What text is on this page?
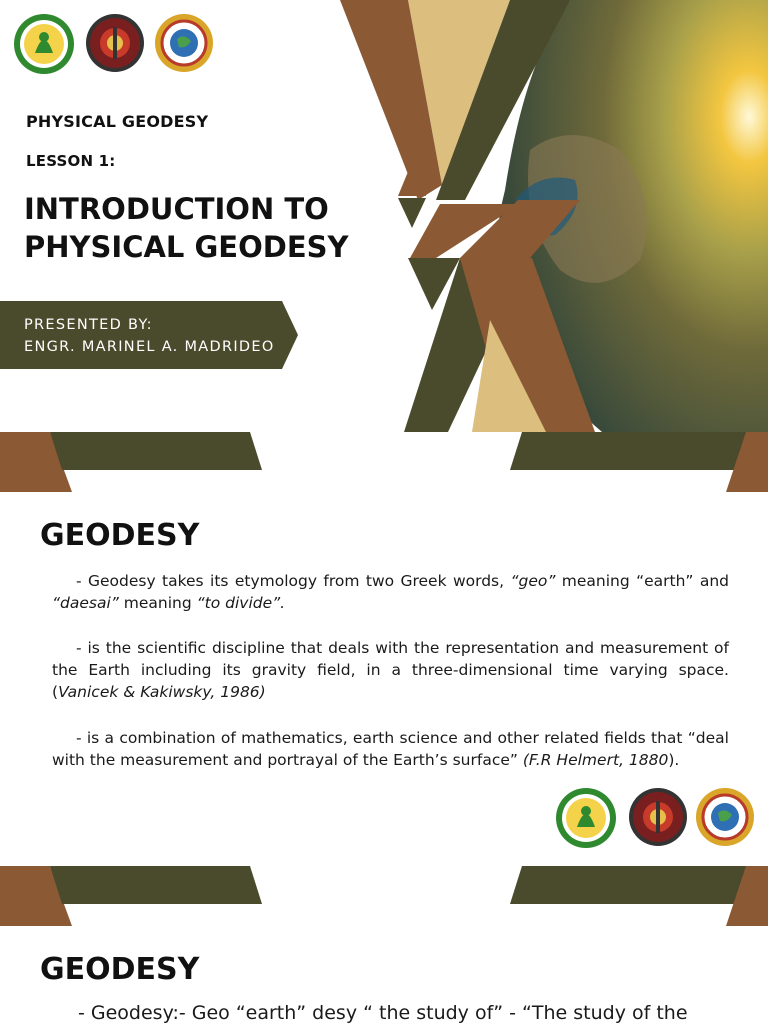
PHYSICAL GEODESY
LESSON 1:
INTRODUCTION TO
PHYSICAL GEODESY
PRESENTED BY:
ENGR. MARINEL A. MADRIDEO
GEODESY
- Geodesy takes its etymology from two Greek words, “geo” meaning “earth” and “daesai” meaning “to divide”.
- is the scientific discipline that deals with the representation and measurement of the Earth including its gravity field, in a three-dimensional time varying space. (Vanicek & Kakiwsky, 1986)
- is a combination of mathematics, earth science and other related fields that “deal with the measurement and portrayal of the Earth’s surface” (F.R Helmert, 1880).
GEODESY
- Geodesy:- Geo “earth” desy “ the study of” - “The study of the
